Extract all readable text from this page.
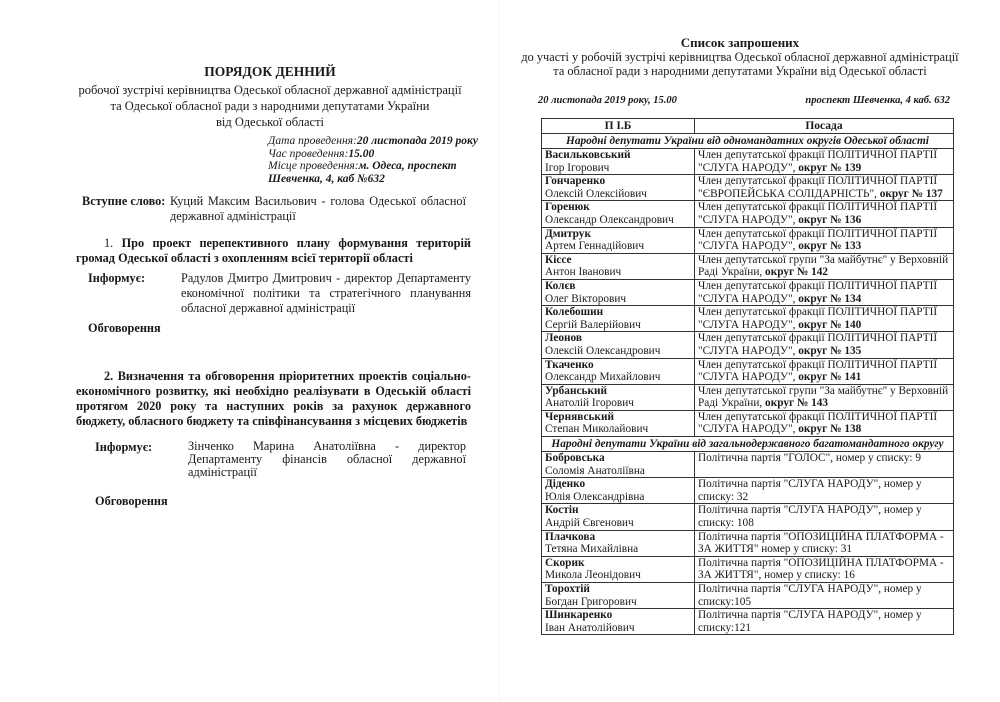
ПОРЯДОК ДЕННИЙ
робочої зустрічі керівництва Одеської обласної державної адміністрації
та Одеської обласної ради з народними депутатами України
від Одеської області
Дата проведення:20 листопада 2019 року
Час проведення:15.00
Місце проведення:м. Одеса, проспект Шевченка, 4, каб №632
Вступне слово: Куций Максим Васильович - голова Одеської обласної державної адміністрації
1. Про проект перепективного плану формування територій громад Одеської області з охопленням всієї території області
Інформує:	Радулов Дмитро Дмитрович - директор Департаменту економічної політики та стратегічного планування обласної державної адміністрації
Обговорення
2. Визначення та обговорення пріоритетних проектів соціально-економічного розвитку, які необхідно реалізувати в Одеській області протягом 2020 року та наступних років за рахунок державного бюджету, обласного бюджету та співфінансування з місцевих бюджетів
Інформує:	Зінченко Марина Анатоліївна - директор Департаменту фінансів обласної державної адміністрації
Обговорення
Список запрошених
до участі у робочій зустрічі керівництва Одеської обласної державної адміністрації та обласної ради з народними депутатами України від Одеської області
20 листопада 2019 року, 15.00	проспект Шевченка, 4 каб. 632
П І.Б	Посада
Народні депутати України від одномандатних округів Одеської області	

Васильковський
Ігор Ігорович	Член депутатської фракції ПОЛІТИЧНОЇ ПАРТІЇ "СЛУГА НАРОДУ", округ № 139

Гончаренко
Олексій Олексійович	Член депутатської фракції ПОЛІТИЧНОЇ ПАРТІЇ "ЄВРОПЕЙСЬКА СОЛІДАРНІСТЬ", округ № 137

Горенюк
Олександр Олександрович	Член депутатської фракції ПОЛІТИЧНОЇ ПАРТІЇ "СЛУГА НАРОДУ", округ № 136

Дмитрук
Артем Геннадійович	Член депутатської фракції ПОЛІТИЧНОЇ ПАРТІЇ "СЛУГА НАРОДУ", округ № 133

Кіссе
Антон Іванович	Член депутатської групи "За майбутнє" у Верховній Раді України, округ № 142

Колєв
Олег Вікторович	Член депутатської фракції ПОЛІТИЧНОЇ ПАРТІЇ "СЛУГА НАРОДУ", округ № 134

Колебошин
Сергій Валерійович	Член депутатської фракції ПОЛІТИЧНОЇ ПАРТІЇ "СЛУГА НАРОДУ", округ № 140

Леонов
Олексій Олександрович	Член депутатської фракції ПОЛІТИЧНОЇ ПАРТІЇ "СЛУГА НАРОДУ", округ № 135

Ткаченко
Олександр Михайлович	Член депутатської фракції ПОЛІТИЧНОЇ ПАРТІЇ "СЛУГА НАРОДУ", округ № 141

Урбанський
Анатолій Ігорович	Член депутатської групи "За майбутнє" у Верховній Раді України, округ № 143

Чернявський
Степан Миколайович	Член депутатської фракції ПОЛІТИЧНОЇ ПАРТІЇ "СЛУГА НАРОДУ", округ № 138
Народні депутати України від загальнодержавного багатомандатного округу	

Бобровська
Соломія Анатоліївна	Політична партія "ГОЛОС", номер у списку: 9

Діденко
Юлія Олександрівна	Політична партія "СЛУГА НАРОДУ", номер у списку: 32

Костін
Андрій Євгенович	Політична партія "СЛУГА НАРОДУ", номер у списку: 108

Плачкова
Тетяна Михайлівна	Політична партія "ОПОЗИЦІЙНА ПЛАТФОРМА - ЗА ЖИТТЯ" номер у списку: 31

Скорик
Микола Леонідович	Політична партія "ОПОЗИЦІЙНА ПЛАТФОРМА - ЗА ЖИТТЯ", номер у списку: 16

Торохтій
Богдан Григорович	Політична партія "СЛУГА НАРОДУ", номер у списку:105

Шинкаренко
Іван Анатолійович	Політична партія "СЛУГА НАРОДУ", номер у списку:121
